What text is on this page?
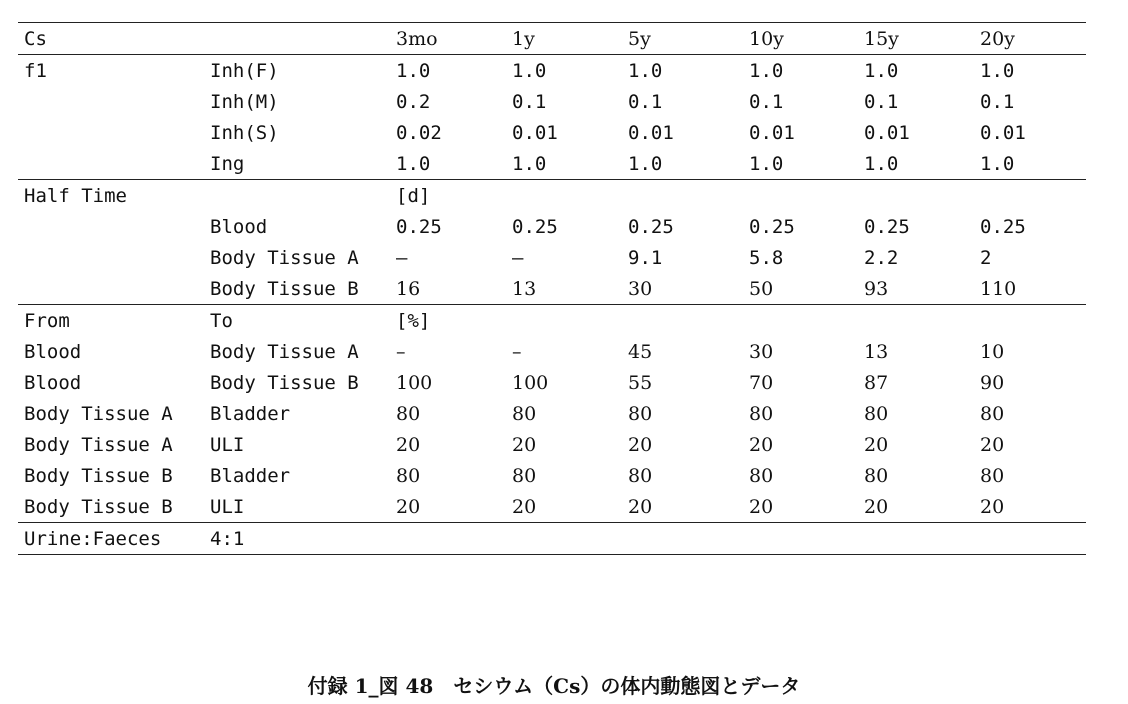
Cs		3mo	1y	5y	10y	15y	20y
f1	Inh(F)	1.0	1.0	1.0	1.0	1.0	1.0
	Inh(M)	0.2	0.1	0.1	0.1	0.1	0.1
	Inh(S)	0.02	0.01	0.01	0.01	0.01	0.01
	Ing	1.0	1.0	1.0	1.0	1.0	1.0
Half Time		[d]					
	Blood	0.25	0.25	0.25	0.25	0.25	0.25
	Body Tissue A	–	–	9.1	5.8	2.2	2
	Body Tissue B	16	13	30	50	93	110
From	To	[%]					
Blood	Body Tissue A	–	–	45	30	13	10
Blood	Body Tissue B	100	100	55	70	87	90
Body Tissue A	Bladder	80	80	80	80	80	80
Body Tissue A	ULI	20	20	20	20	20	20
Body Tissue B	Bladder	80	80	80	80	80	80
Body Tissue B	ULI	20	20	20	20	20	20
Urine:Faeces	4:1						
付録 1_図 48　セシウム（Cs）の体内動態図とデータ
